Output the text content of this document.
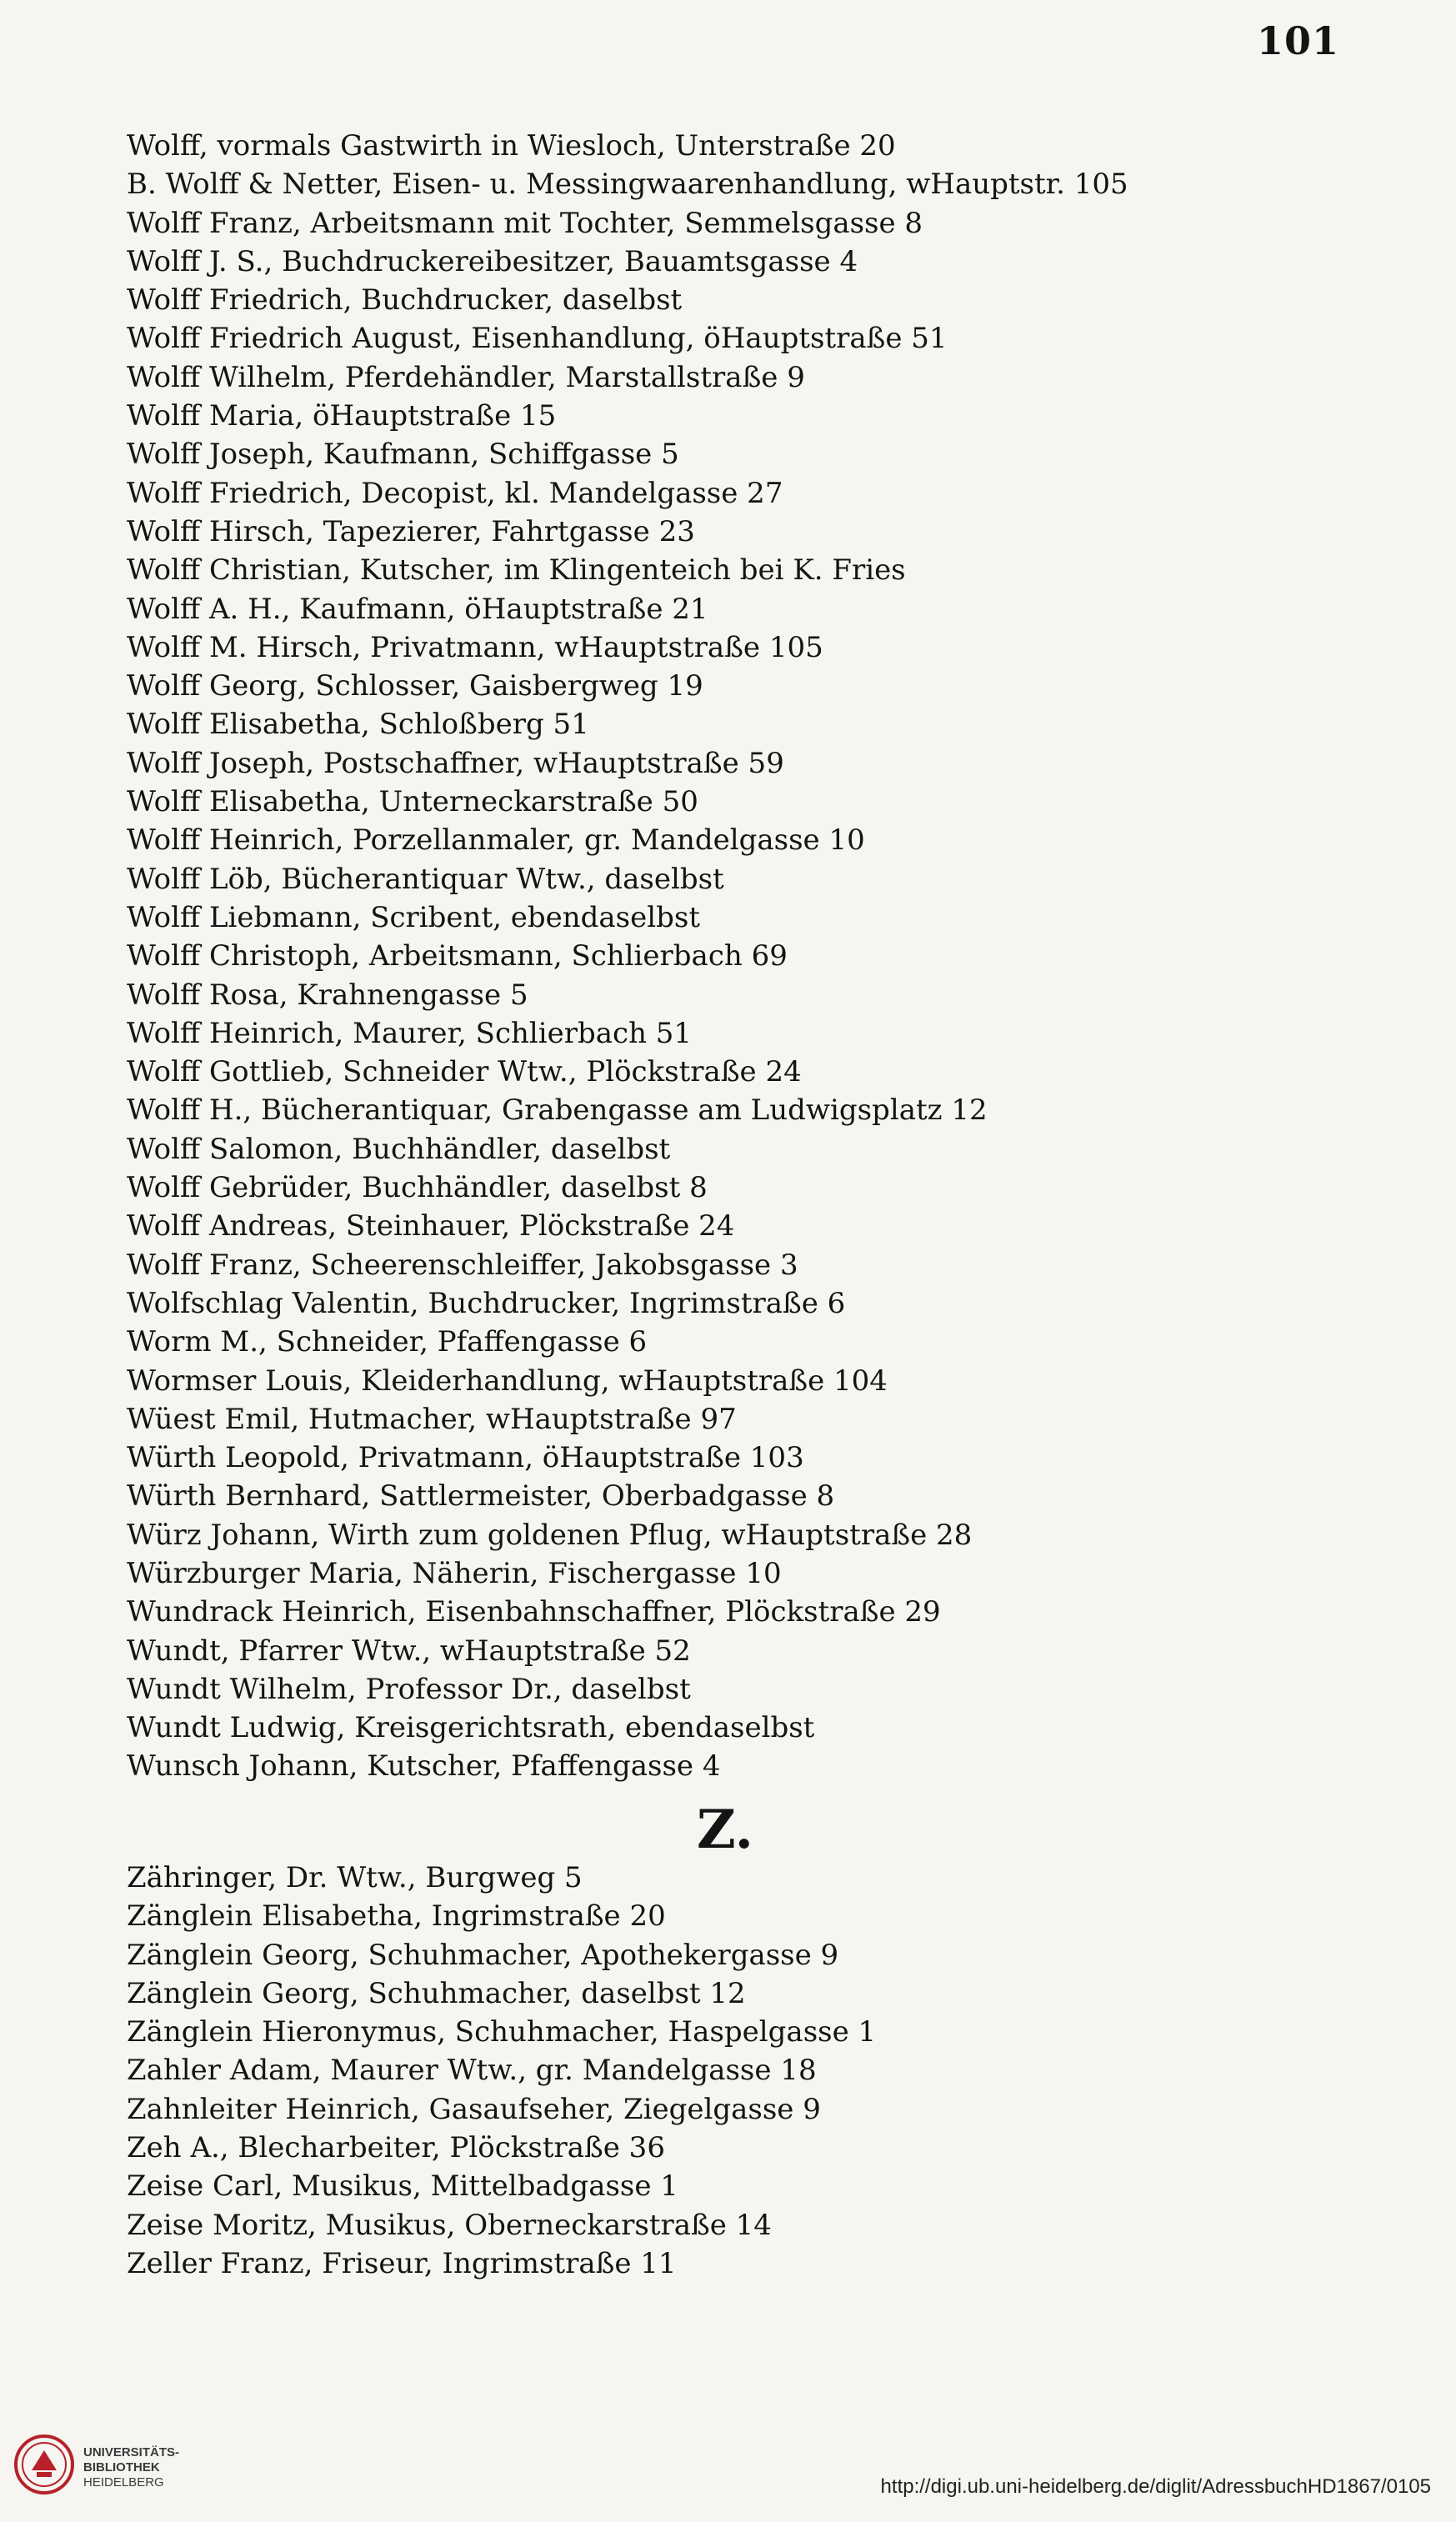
101
Wolff, vormals Gastwirth in Wiesloch, Unterstraße 20
B. Wolff & Netter, Eisen- u. Messingwaarenhandlung, wHauptstr. 105
Wolff Franz, Arbeitsmann mit Tochter, Semmelsgasse 8
Wolff J. S., Buchdruckereibesitzer, Bauamtsgasse 4
Wolff Friedrich, Buchdrucker, daselbst
Wolff Friedrich August, Eisenhandlung, öHauptstraße 51
Wolff Wilhelm, Pferdehändler, Marstallstraße 9
Wolff Maria, öHauptstraße 15
Wolff Joseph, Kaufmann, Schiffgasse 5
Wolff Friedrich, Decopist, kl. Mandelgasse 27
Wolff Hirsch, Tapezierer, Fahrtgasse 23
Wolff Christian, Kutscher, im Klingenteich bei K. Fries
Wolff A. H., Kaufmann, öHauptstraße 21
Wolff M. Hirsch, Privatmann, wHauptstraße 105
Wolff Georg, Schlosser, Gaisbergweg 19
Wolff Elisabetha, Schloßberg 51
Wolff Joseph, Postschaffner, wHauptstraße 59
Wolff Elisabetha, Unterneckarstraße 50
Wolff Heinrich, Porzellanmaler, gr. Mandelgasse 10
Wolff Löb, Bücherantiquar Wtw., daselbst
Wolff Liebmann, Scribent, ebendaselbst
Wolff Christoph, Arbeitsmann, Schlierbach 69
Wolff Rosa, Krahnengasse 5
Wolff Heinrich, Maurer, Schlierbach 51
Wolff Gottlieb, Schneider Wtw., Plöckstraße 24
Wolff H., Bücherantiquar, Grabengasse am Ludwigsplatz 12
Wolff Salomon, Buchhändler, daselbst
Wolff Gebrüder, Buchhändler, daselbst 8
Wolff Andreas, Steinhauer, Plöckstraße 24
Wolff Franz, Scheerenschleiffer, Jakobsgasse 3
Wolfschlag Valentin, Buchdrucker, Ingrimstraße 6
Worm M., Schneider, Pfaffengasse 6
Wormser Louis, Kleiderhandlung, wHauptstraße 104
Wüest Emil, Hutmacher, wHauptstraße 97
Würth Leopold, Privatmann, öHauptstraße 103
Würth Bernhard, Sattlermeister, Oberbadgasse 8
Würz Johann, Wirth zum goldenen Pflug, wHauptstraße 28
Würzburger Maria, Näherin, Fischergasse 10
Wundrack Heinrich, Eisenbahnschaffner, Plöckstraße 29
Wundt, Pfarrer Wtw., wHauptstraße 52
Wundt Wilhelm, Professor Dr., daselbst
Wundt Ludwig, Kreisgerichtsrath, ebendaselbst
Wunsch Johann, Kutscher, Pfaffengasse 4
Z.
Zähringer, Dr. Wtw., Burgweg 5
Zänglein Elisabetha, Ingrimstraße 20
Zänglein Georg, Schuhmacher, Apothekergasse 9
Zänglein Georg, Schuhmacher, daselbst 12
Zänglein Hieronymus, Schuhmacher, Haspelgasse 1
Zahler Adam, Maurer Wtw., gr. Mandelgasse 18
Zahnleiter Heinrich, Gasaufseher, Ziegelgasse 9
Zeh A., Blecharbeiter, Plöckstraße 36
Zeise Carl, Musikus, Mittelbadgasse 1
Zeise Moritz, Musikus, Oberneckarstraße 14
Zeller Franz, Friseur, Ingrimstraße 11
UNIVERSITÄTS-
BIBLIOTHEK
HEIDELBERG	http://digi.ub.uni-heidelberg.de/diglit/AdressbuchHD1867/0105
